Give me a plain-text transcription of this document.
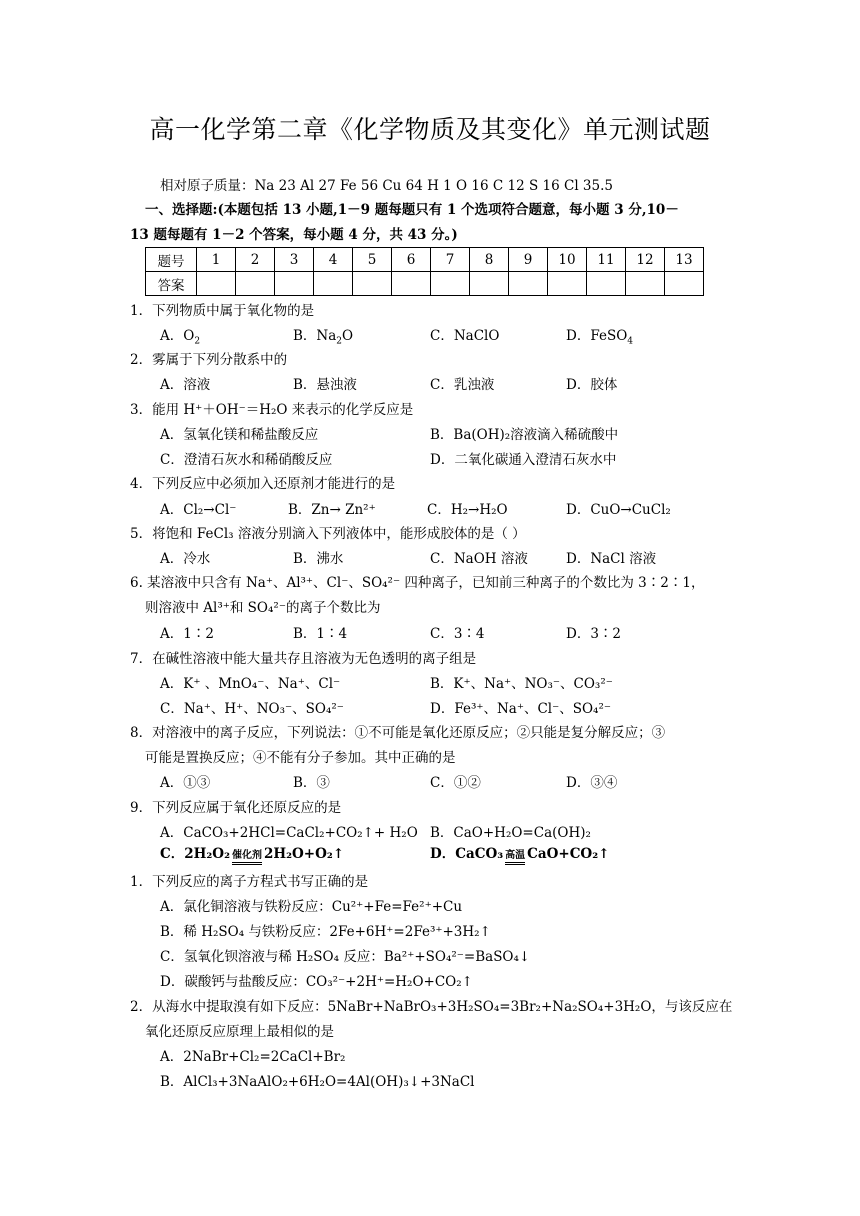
高一化学第二章《化学物质及其变化》单元测试题
相对原子质量：Na 23 Al 27 Fe 56 Cu 64 H 1 O 16 C 12 S 16 Cl 35.5
一、选择题:(本题包括 13 小题,1－9 题每题只有 1 个选项符合题意，每小题 3 分,10－
13 题每题有 1－2 个答案，每小题 4 分，共 43 分。)
题号	1	2	3	4	5	6	7	8	9	10	11	12	13
答案													
1．下列物质中属于氧化物的是
A．$O_2$	B．$Na_2O$	C．NaClO	D．FeSO$_4$
2．雾属于下列分散系中的
A．溶液	B．悬浊液	C．乳浊液	D．胶体
3．能用 H⁺＋OH⁻＝H₂O 来表示的化学反应是
A．氢氧化镁和稀盐酸反应	B．Ba(OH)₂溶液滴入稀硫酸中
C．澄清石灰水和稀硝酸反应	D．二氧化碳通入澄清石灰水中
4．下列反应中必须加入还原剂才能进行的是
A．Cl₂→Cl⁻	B．Zn→ Zn²⁺	C．H₂→H₂O	D．CuO→CuCl₂
5．将饱和 FeCl₃ 溶液分别滴入下列液体中，能形成胶体的是（ ）
A．冷水	B．沸水	C．NaOH 溶液	D．NaCl 溶液
6. 某溶液中只含有 Na⁺、Al³⁺、Cl⁻、SO₄²⁻ 四种离子，已知前三种离子的个数比为 3∶2∶1，
则溶液中 Al³⁺和 SO₄²⁻的离子个数比为
A．1∶2	B．1∶4	C．3∶4	D．3∶2
7．在碱性溶液中能大量共存且溶液为无色透明的离子组是
A．K⁺ 、MnO₄⁻、Na⁺、Cl⁻	B．K⁺、Na⁺、NO₃⁻、CO₃²⁻
C．Na⁺、H⁺、NO₃⁻、SO₄²⁻	D．Fe³⁺、Na⁺、Cl⁻、SO₄²⁻
8．对溶液中的离子反应，下列说法：①不可能是氧化还原反应；②只能是复分解反应；③
可能是置换反应；④不能有分子参加。其中正确的是
A．①③	B．③	C．①②	D．③④
9．下列反应属于氧化还原反应的是
A．CaCO₃+2HCl=CaCl₂+CO₂↑+ H₂O B．CaO+H₂O=Ca(OH)₂
C．2H₂O₂ 催化剂 2H₂O+O₂↑	D．CaCO₃ 高温 CaO+CO₂↑
1．下列反应的离子方程式书写正确的是
A．氯化铜溶液与铁粉反应：Cu²⁺+Fe=Fe²⁺+Cu
B．稀 H₂SO₄ 与铁粉反应：2Fe+6H⁺=2Fe³⁺+3H₂↑
C．氢氧化钡溶液与稀 H₂SO₄ 反应：Ba²⁺+SO₄²⁻=BaSO₄↓
D．碳酸钙与盐酸反应：CO₃²⁻+2H⁺=H₂O+CO₂↑
2．从海水中提取溴有如下反应：5NaBr+NaBrO₃+3H₂SO₄=3Br₂+Na₂SO₄+3H₂O，与该反应在
氧化还原反应原理上最相似的是
A．2NaBr+Cl₂=2CaCl+Br₂
B．AlCl₃+3NaAlO₂+6H₂O=4Al(OH)₃↓+3NaCl
